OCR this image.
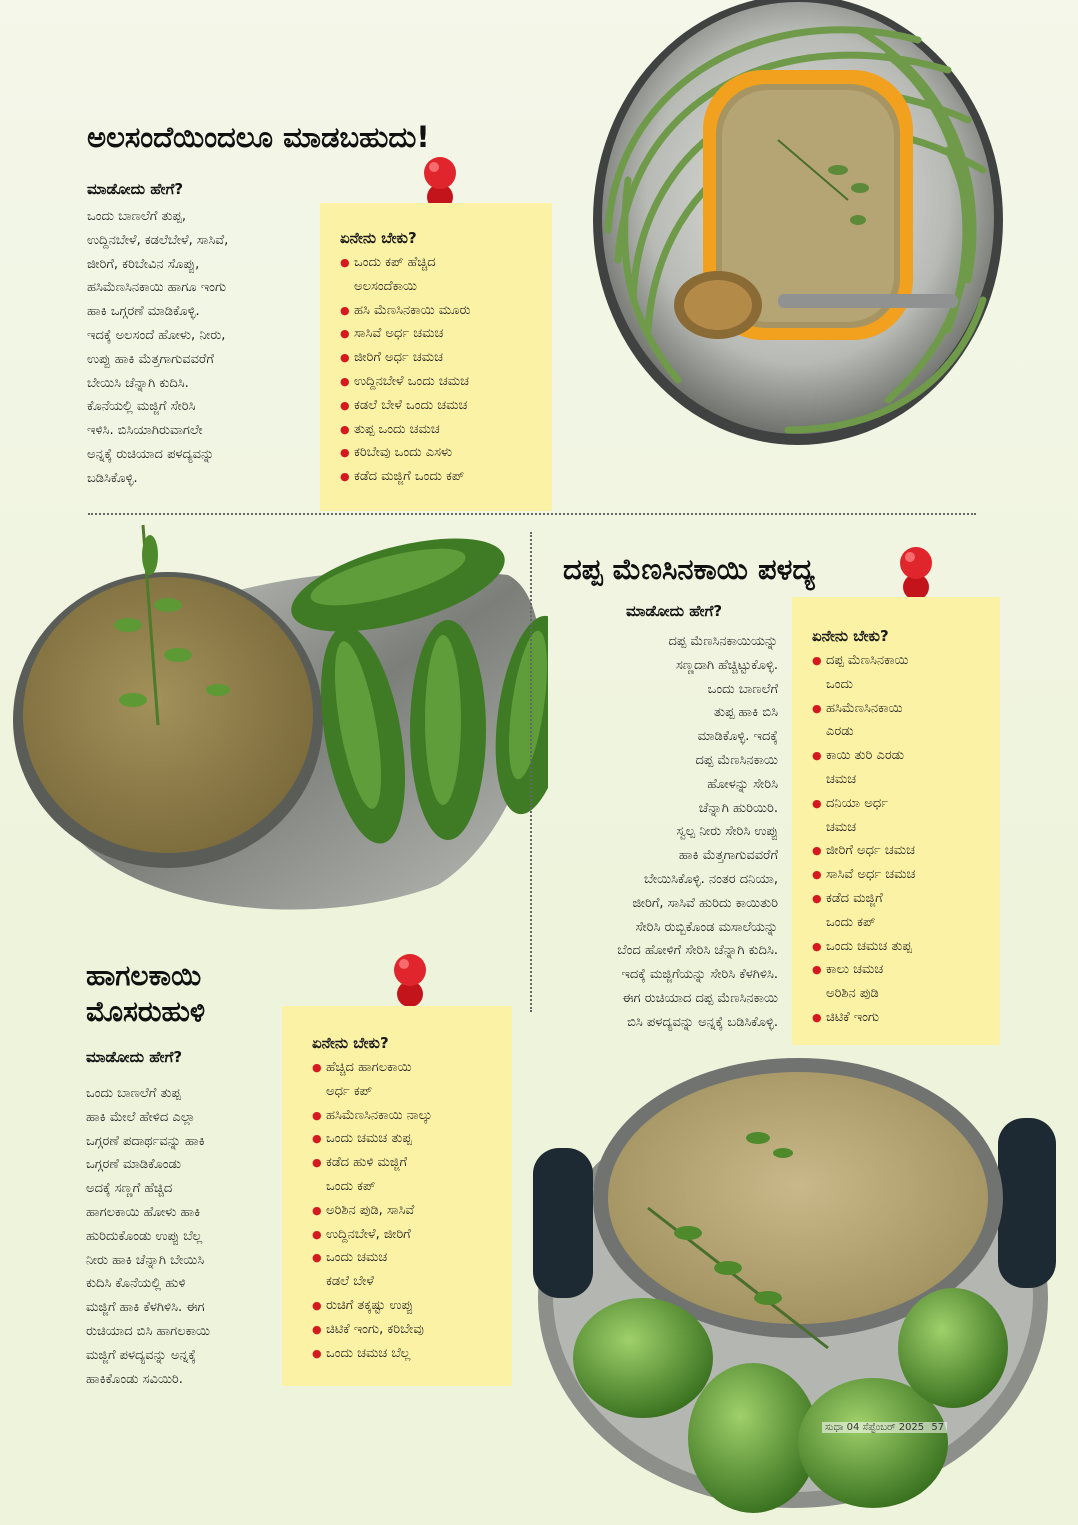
ಅಲಸಂದೆಯಿಂದಲೂ ಮಾಡಬಹುದು!
ಮಾಡೋದು ಹೇಗೆ?

ಒಂದು ಬಾಣಲೆಗೆ ತುಪ್ಪ,

ಉದ್ದಿನಬೇಳೆ, ಕಡಲೆಬೇಳೆ, ಸಾಸಿವೆ,

ಜೀರಿಗೆ, ಕರಿಬೇವಿನ ಸೊಪ್ಪು,

ಹಸಿಮೆಣಸಿನಕಾಯಿ ಹಾಗೂ ಇಂಗು

ಹಾಕಿ ಒಗ್ಗರಣೆ ಮಾಡಿಕೊಳ್ಳಿ.

ಇದಕ್ಕೆ ಅಲಸಂದೆ ಹೋಳು, ನೀರು,

ಉಪ್ಪು ಹಾಕಿ ಮೆತ್ತಗಾಗುವವರೆಗೆ

ಬೇಯಿಸಿ ಚೆನ್ನಾಗಿ ಕುದಿಸಿ.

ಕೊನೆಯಲ್ಲಿ ಮಜ್ಜಿಗೆ ಸೇರಿಸಿ

ಇಳಿಸಿ. ಬಿಸಿಯಾಗಿರುವಾಗಲೇ

ಅನ್ನಕ್ಕೆ ರುಚಿಯಾದ ಪಳದ್ಯವನ್ನು

ಬಡಿಸಿಕೊಳ್ಳಿ.

ಏನೇನು ಬೇಕು?
● ಒಂದು ಕಪ್ ಹೆಚ್ಚಿದ
ಅಲಸಂದೆಕಾಯಿ
● ಹಸಿ ಮೆಣಸಿನಕಾಯಿ ಮೂರು
● ಸಾಸಿವೆ ಅರ್ಧ ಚಮಚ
● ಜೀರಿಗೆ ಅರ್ಧ ಚಮಚ
● ಉದ್ದಿನಬೇಳೆ ಒಂದು ಚಮಚ
● ಕಡಲೆ ಬೇಳೆ ಒಂದು ಚಮಚ
● ತುಪ್ಪ ಒಂದು ಚಮಚ
● ಕರಿಬೇವು ಒಂದು ಎಸಳು
● ಕಡೆದ ಮಜ್ಜಿಗೆ ಒಂದು ಕಪ್
ದಪ್ಪ ಮೆಣಸಿನಕಾಯಿ ಪಳದ್ಯ
ಮಾಡೋದು ಹೇಗೆ?

ದಪ್ಪ ಮೆಣಸಿನಕಾಯಿಯನ್ನು

ಸಣ್ಣದಾಗಿ ಹೆಚ್ಚಿಟ್ಟುಕೊಳ್ಳಿ.

ಒಂದು ಬಾಣಲೆಗೆ

ತುಪ್ಪ ಹಾಕಿ ಬಿಸಿ

ಮಾಡಿಕೊಳ್ಳಿ. ಇದಕ್ಕೆ

ದಪ್ಪ ಮೆಣಸಿನಕಾಯಿ

ಹೋಳನ್ನು ಸೇರಿಸಿ

ಚೆನ್ನಾಗಿ ಹುರಿಯಿರಿ.

ಸ್ವಲ್ಪ ನೀರು ಸೇರಿಸಿ ಉಪ್ಪು

ಹಾಕಿ ಮೆತ್ತಗಾಗುವವರೆಗೆ

ಬೇಯಿಸಿಕೊಳ್ಳಿ. ನಂತರ ದನಿಯಾ,

ಜೀರಿಗೆ, ಸಾಸಿವೆ ಹುರಿದು ಕಾಯಿತುರಿ

ಸೇರಿಸಿ ರುಬ್ಬಿಕೊಂಡ ಮಸಾಲೆಯನ್ನು

ಬೆಂದ ಹೋಳಿಗೆ ಸೇರಿಸಿ ಚೆನ್ನಾಗಿ ಕುದಿಸಿ.

ಇದಕ್ಕೆ ಮಜ್ಜಿಗೆಯನ್ನು ಸೇರಿಸಿ ಕೆಳಗಿಳಿಸಿ.

ಈಗ ರುಚಿಯಾದ ದಪ್ಪ ಮೆಣಸಿನಕಾಯಿ

ಬಿಸಿ ಪಳದ್ಯವನ್ನು ಅನ್ನಕ್ಕೆ ಬಡಿಸಿಕೊಳ್ಳಿ.

ಏನೇನು ಬೇಕು?
● ದಪ್ಪ ಮೆಣಸಿನಕಾಯಿ
ಒಂದು
● ಹಸಿಮೆಣಸಿನಕಾಯಿ
ಎರಡು
● ಕಾಯಿ ತುರಿ ಎರಡು
ಚಮಚ
● ದನಿಯಾ ಅರ್ಧ
ಚಮಚ
● ಜೀರಿಗೆ ಅರ್ಧ ಚಮಚ
● ಸಾಸಿವೆ ಅರ್ಧ ಚಮಚ
● ಕಡೆದ ಮಜ್ಜಿಗೆ
ಒಂದು ಕಪ್
● ಒಂದು ಚಮಚ ತುಪ್ಪ
● ಕಾಲು ಚಮಚ
ಅರಿಶಿನ ಪುಡಿ
● ಚಿಟಿಕೆ ಇಂಗು
ಹಾಗಲಕಾಯಿ
ಮೊಸರುಹುಳಿ
ಮಾಡೋದು ಹೇಗೆ?

ಒಂದು ಬಾಣಲೆಗೆ ತುಪ್ಪ

ಹಾಕಿ ಮೇಲೆ ಹೇಳಿದ ಎಲ್ಲಾ

ಒಗ್ಗರಣೆ ಪದಾರ್ಥವನ್ನು ಹಾಕಿ

ಒಗ್ಗರಣೆ ಮಾಡಿಕೊಂಡು

ಅದಕ್ಕೆ ಸಣ್ಣಗೆ ಹೆಚ್ಚಿದ

ಹಾಗಲಕಾಯಿ ಹೋಳು ಹಾಕಿ

ಹುರಿದುಕೊಂಡು ಉಪ್ಪು ಬೆಲ್ಲ

ನೀರು ಹಾಕಿ ಚೆನ್ನಾಗಿ ಬೇಯಿಸಿ

ಕುದಿಸಿ ಕೊನೆಯಲ್ಲಿ ಹುಳಿ

ಮಜ್ಜಿಗೆ ಹಾಕಿ ಕೆಳಗಿಳಿಸಿ. ಈಗ

ರುಚಿಯಾದ ಬಿಸಿ ಹಾಗಲಕಾಯಿ

ಮಜ್ಜಿಗೆ ಪಳದ್ಯವನ್ನು ಅನ್ನಕ್ಕೆ

ಹಾಕಿಕೊಂಡು ಸವಿಯಿರಿ.

ಏನೇನು ಬೇಕು?
● ಹೆಚ್ಚಿದ ಹಾಗಲಕಾಯಿ
ಅರ್ಧ ಕಪ್
● ಹಸಿಮೆಣಸಿನಕಾಯಿ ನಾಲ್ಕು
● ಒಂದು ಚಮಚ ತುಪ್ಪ
● ಕಡೆದ ಹುಳಿ ಮಜ್ಜಿಗೆ
ಒಂದು ಕಪ್
● ಅರಿಶಿನ ಪುಡಿ, ಸಾಸಿವೆ
● ಉದ್ದಿನಬೇಳೆ, ಜೀರಿಗೆ
● ಒಂದು ಚಮಚ
ಕಡಲೆ ಬೇಳೆ
● ರುಚಿಗೆ ತಕ್ಕಷ್ಟು ಉಪ್ಪು
● ಚಿಟಿಕೆ ಇಂಗು, ಕರಿಬೇವು
● ಒಂದು ಚಮಚ ಬೆಲ್ಲ
ಸುಧಾ 04 ಸೆಪ್ಟೆಂಬರ್ 2025 57
